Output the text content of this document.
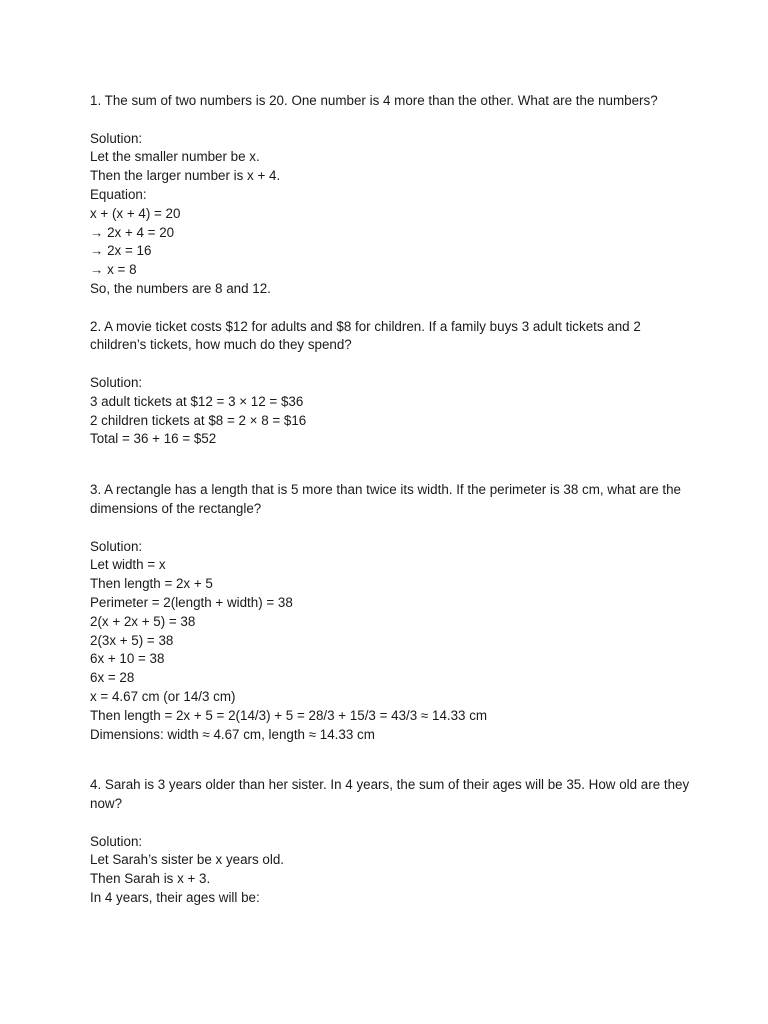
1. The sum of two numbers is 20. One number is 4 more than the other. What are the numbers?
Solution:
Let the smaller number be x.
Then the larger number is x + 4.
Equation:
x + (x + 4) = 20
→ 2x + 4 = 20
→ 2x = 16
→ x = 8
So, the numbers are 8 and 12.
2. A movie ticket costs $12 for adults and $8 for children. If a family buys 3 adult tickets and 2 children’s tickets, how much do they spend?
Solution:
3 adult tickets at $12 = 3 × 12 = $36
2 children tickets at $8 = 2 × 8 = $16
Total = 36 + 16 = $52
3. A rectangle has a length that is 5 more than twice its width. If the perimeter is 38 cm, what are the dimensions of the rectangle?
Solution:
Let width = x
Then length = 2x + 5
Perimeter = 2(length + width) = 38
2(x + 2x + 5) = 38
2(3x + 5) = 38
6x + 10 = 38
6x = 28
x = 4.67 cm (or 14/3 cm)
Then length = 2x + 5 = 2(14/3) + 5 = 28/3 + 15/3 = 43/3 ≈ 14.33 cm
Dimensions: width ≈ 4.67 cm, length ≈ 14.33 cm
4. Sarah is 3 years older than her sister. In 4 years, the sum of their ages will be 35. How old are they now?
Solution:
Let Sarah’s sister be x years old.
Then Sarah is x + 3.
In 4 years, their ages will be:
